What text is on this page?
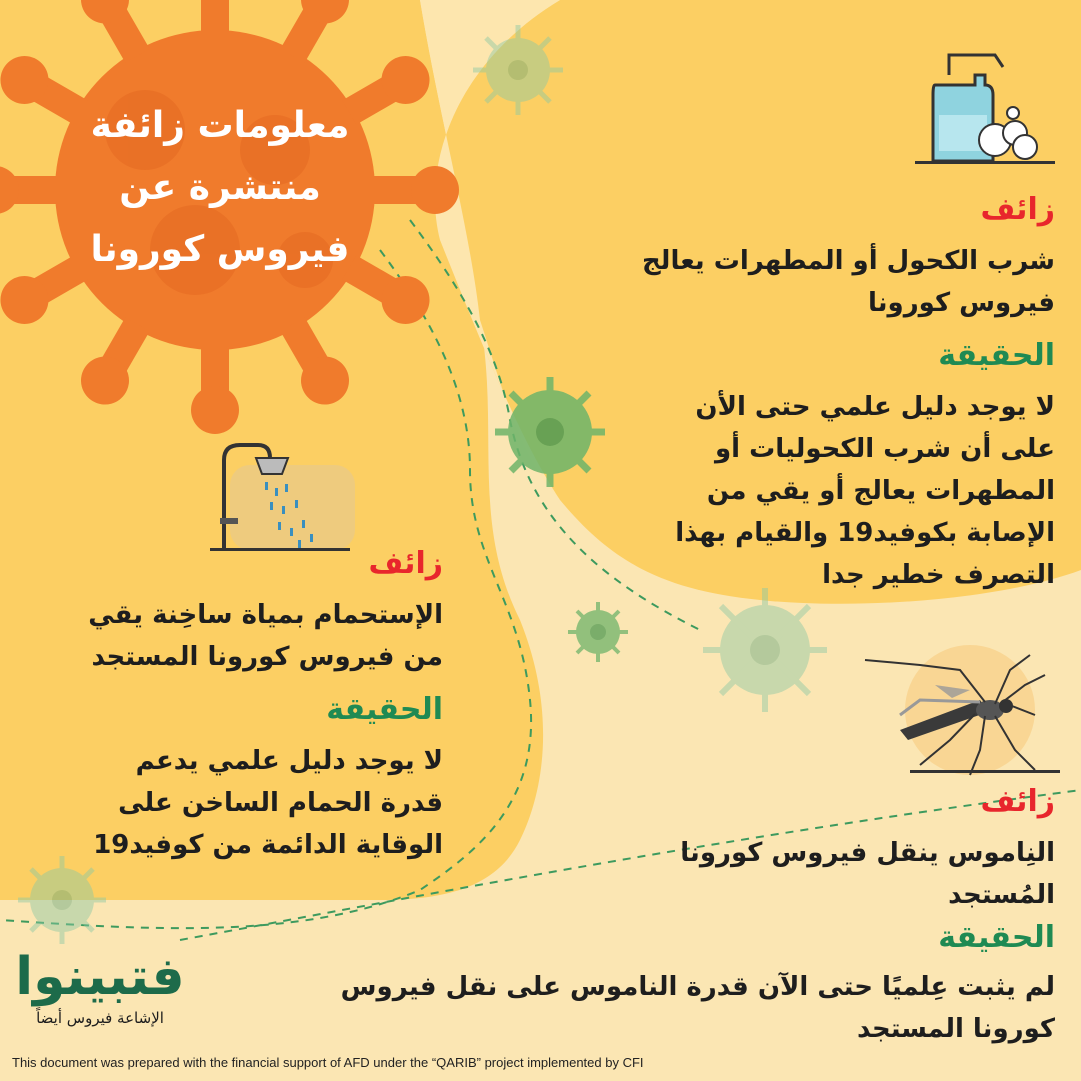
معلومات زائفة
منتشرة عن
فيروس كورونا
زائف
شرب الكحول أو المطهرات يعالج
فيروس كورونا
الحقيقة
لا يوجد دليل علمي حتى الأن
على أن شرب الكحوليات أو
المطهرات يعالج أو يقي من
الإصابة بكوفيد19 والقيام بهذا
التصرف خطير جدا
زائف
الإستحمام بمياة ساخِنة يقي
من فيروس كورونا المستجد
الحقيقة
لا يوجد دليل علمي يدعم
قدرة الحمام الساخن على
الوقاية الدائمة من كوفيد19
زائف
النِاموس ينقل فيروس كورونا
المُستجد
الحقيقة
لم يثبت عِلميًا حتى الآن قدرة الناموس على نقل فيروس
كورونا المستجد
فتبينوا
الإشاعة فيروس أيضاً
This document was prepared with the financial support of AFD under the “QARIB” project implemented by CFI
